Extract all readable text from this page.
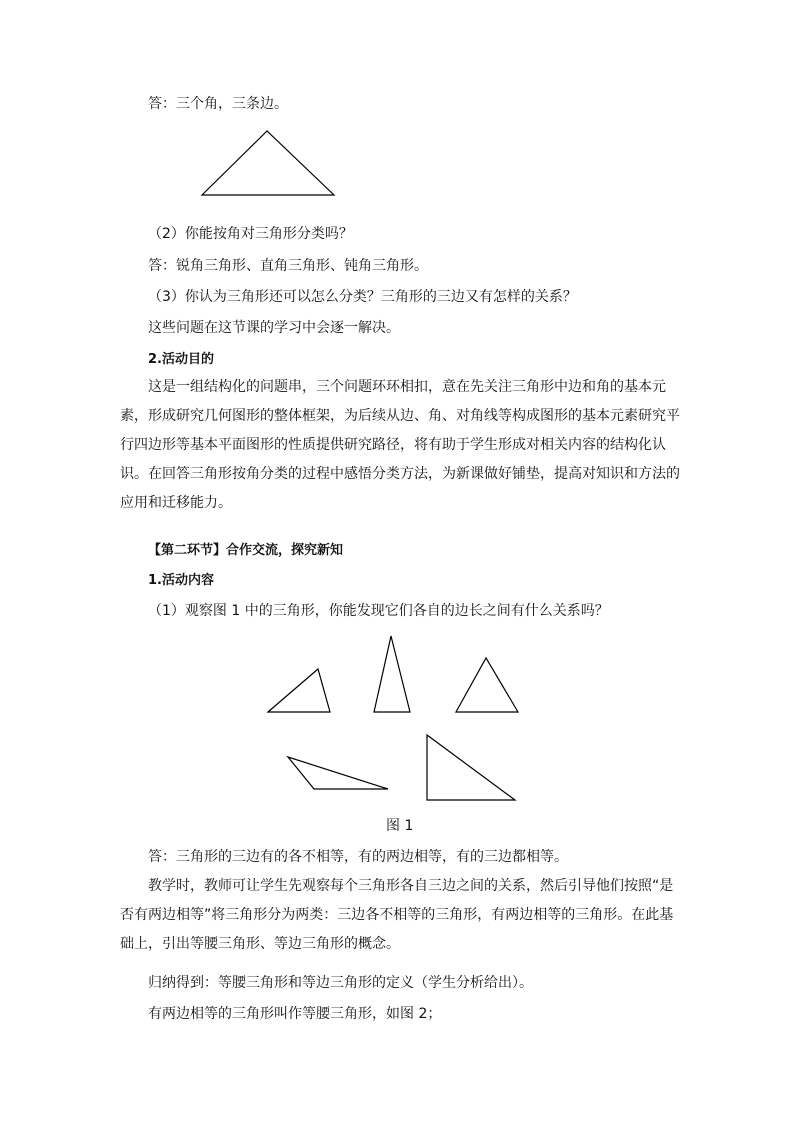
答：三个角，三条边。
（2）你能按角对三角形分类吗？
答：锐角三角形、直角三角形、钝角三角形。
（3）你认为三角形还可以怎么分类？三角形的三边又有怎样的关系？
这些问题在这节课的学习中会逐一解决。
2.活动目的
这是一组结构化的问题串，三个问题环环相扣，意在先关注三角形中边和角的基本元素，形成研究几何图形的整体框架，为后续从边、角、对角线等构成图形的基本元素研究平行四边形等基本平面图形的性质提供研究路径，将有助于学生形成对相关内容的结构化认识。在回答三角形按角分类的过程中感悟分类方法，为新课做好铺垫，提高对知识和方法的应用和迁移能力。
【第二环节】合作交流，探究新知
1.活动内容
（1）观察图 1 中的三角形，你能发现它们各自的边长之间有什么关系吗？
图 1
答：三角形的三边有的各不相等，有的两边相等，有的三边都相等。
教学时，教师可让学生先观察每个三角形各自三边之间的关系，然后引导他们按照“是否有两边相等”将三角形分为两类：三边各不相等的三角形，有两边相等的三角形。在此基础上，引出等腰三角形、等边三角形的概念。
归纳得到：等腰三角形和等边三角形的定义（学生分析给出）。
有两边相等的三角形叫作等腰三角形，如图 2；
